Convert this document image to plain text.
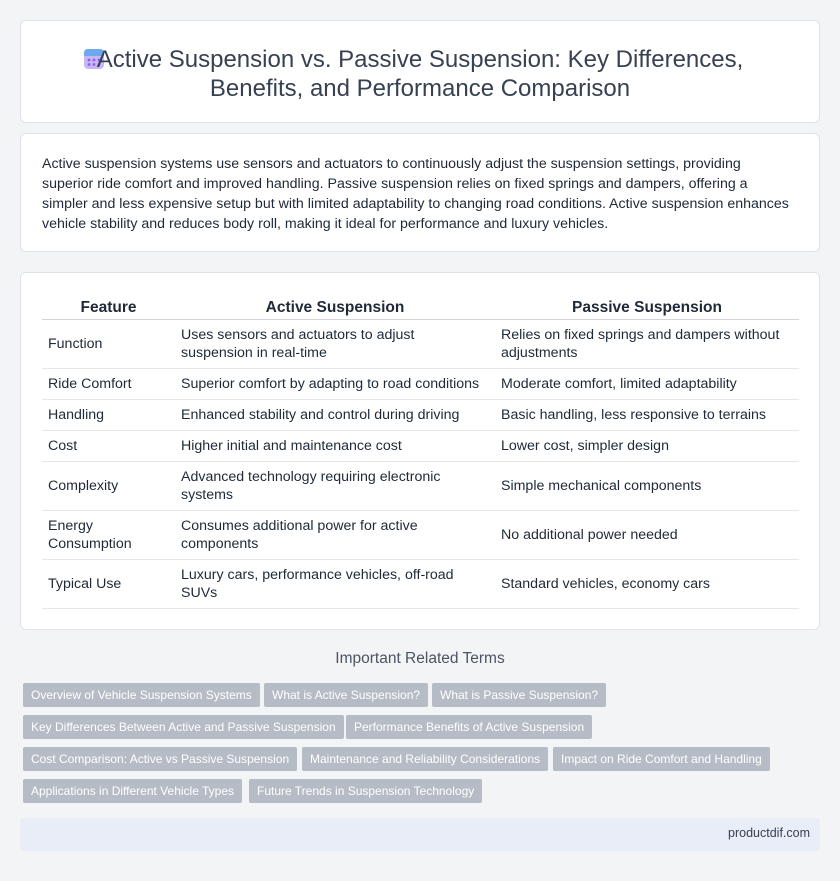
Active Suspension vs. Passive Suspension: Key Differences,
Benefits, and Performance Comparison

Active suspension systems use sensors and actuators to continuously adjust the suspension settings, providing superior ride comfort and improved handling. Passive suspension relies on fixed springs and dampers, offering a simpler and less expensive setup but with limited adaptability to changing road conditions. Active suspension enhances vehicle stability and reduces body roll, making it ideal for performance and luxury vehicles.

Feature	Active Suspension	Passive Suspension
Function	Uses sensors and actuators to adjust suspension in real-time	Relies on fixed springs and dampers without adjustments
Ride Comfort	Superior comfort by adapting to road conditions	Moderate comfort, limited adaptability
Handling	Enhanced stability and control during driving	Basic handling, less responsive to terrains
Cost	Higher initial and maintenance cost	Lower cost, simpler design
Complexity	Advanced technology requiring electronic systems	Simple mechanical components
Energy Consumption	Consumes additional power for active components	No additional power needed
Typical Use	Luxury cars, performance vehicles, off-road SUVs	Standard vehicles, economy cars
Important Related Terms
Overview of Vehicle Suspension Systems	What is Active Suspension?	What is Passive Suspension?
Key Differences Between Active and Passive Suspension	Performance Benefits of Active Suspension
Cost Comparison: Active vs Passive Suspension	Maintenance and Reliability Considerations	Impact on Ride Comfort and Handling
Applications in Different Vehicle Types	Future Trends in Suspension Technology
productdif.com
